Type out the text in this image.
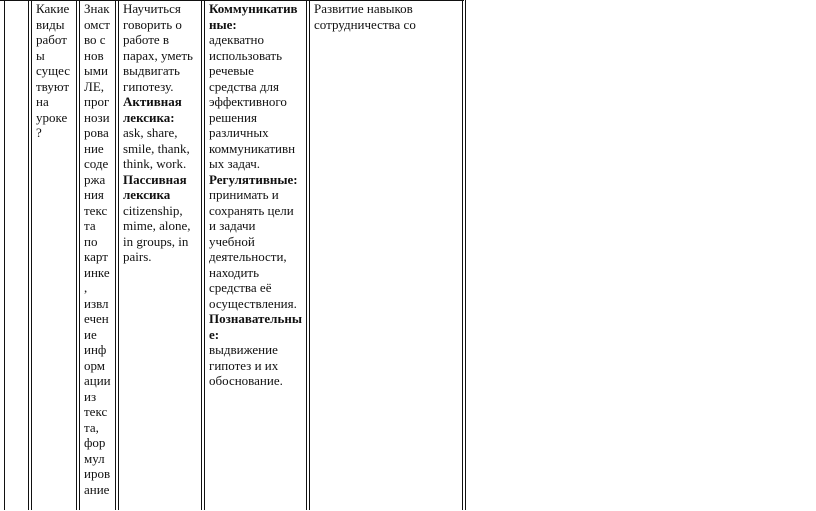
Какие
виды
работ
ы
сущес
твуют
на
уроке
?
Знак
омст
во с
нов
ыми
ЛЕ,
прог
нози
рова
ние
соде
ржа
ния
текс
та
по
карт
инке
,
извл
ечен
ие
инф
орм
ации
из
текс
та,
фор
мул
иров
ание
Научиться
говорить о
работе в
парах, уметь
выдвигать
гипотезу.
Активная
лексика:
ask, share,
smile, thank,
think, work.
Пассивная
лексика
citizenship,
mime, alone,
in groups, in
pairs.
Коммуникатив
ные:
адекватно
использовать
речевые
средства для
эффективного
решения
различных
коммуникативн
ых задач.
Регулятивные:
принимать и
сохранять цели
и задачи
учебной
деятельности,
находить
средства её
осуществления.
Познавательны
е:
выдвижение
гипотез и их
обоснование.
Развитие навыков
сотрудничества со
